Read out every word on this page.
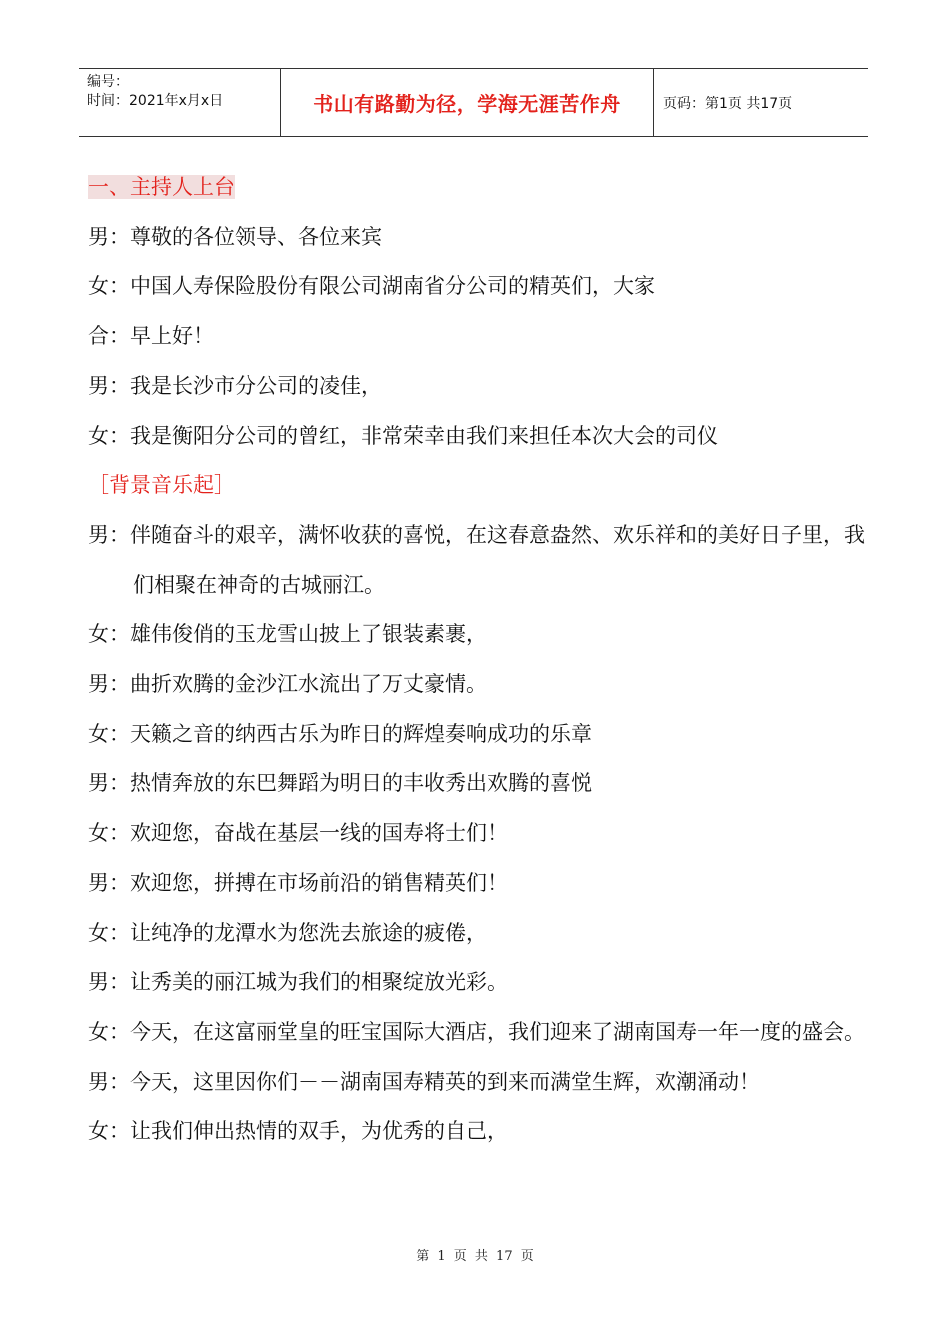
编号：
时间：2021年x月x日	书山有路勤为径，学海无涯苦作舟	页码：第1页 共17页
一、主持人上台
男：尊敬的各位领导、各位来宾
女：中国人寿保险股份有限公司湖南省分公司的精英们，大家
合：早上好！
男：我是长沙市分公司的凌佳，
女：我是衡阳分公司的曾红，非常荣幸由我们来担任本次大会的司仪
［背景音乐起］
男：伴随奋斗的艰辛，满怀收获的喜悦，在这春意盎然、欢乐祥和的美好日子里，我们相聚在神奇的古城丽江。
女：雄伟俊俏的玉龙雪山披上了银装素裹，
男：曲折欢腾的金沙江水流出了万丈豪情。
女：天籁之音的纳西古乐为昨日的辉煌奏响成功的乐章
男：热情奔放的东巴舞蹈为明日的丰收秀出欢腾的喜悦
女：欢迎您，奋战在基层一线的国寿将士们！
男：欢迎您，拼搏在市场前沿的销售精英们！
女：让纯净的龙潭水为您洗去旅途的疲倦，
男：让秀美的丽江城为我们的相聚绽放光彩。
女：今天，在这富丽堂皇的旺宝国际大酒店，我们迎来了湖南国寿一年一度的盛会。
男：今天，这里因你们－－湖南国寿精英的到来而满堂生辉，欢潮涌动！
女：让我们伸出热情的双手，为优秀的自己，
第 1 页 共 17 页
